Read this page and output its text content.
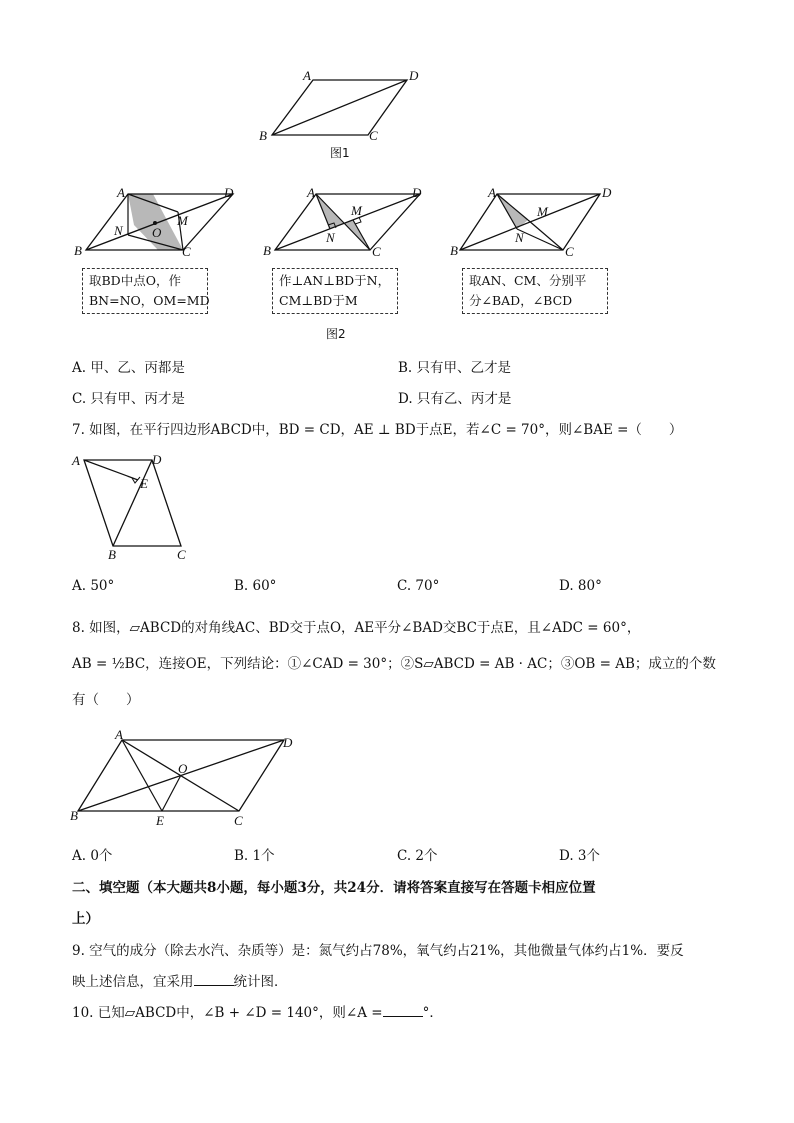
A	D
B	C
图1
A	D
B	C
N O
M
取BD中点O，作
BN=NO，OM=MD
A	D
B	C
N
M
作⊥AN⊥BD于N，
CM⊥BD于M
A	D
B	C
N
M
取AN、CM、分别平
分∠BAD，∠BCD
图2
A. 甲、乙、丙都是	B. 只有甲、乙才是
C. 只有甲、丙才是	D. 只有乙、丙才是
7. 如图，在平行四边形ABCD中，BD = CD，AE ⊥ BD于点E，若∠C = 70°，则∠BAE =（　　）
A	D
E
B	C
A. 50°	B. 60°	C. 70°	D. 80°
8. 如图，▱ABCD的对角线AC、BD交于点O，AE平分∠BAD交BC于点E，且∠ADC = 60°，
AB = ½BC，连接OE，下列结论：①∠CAD = 30°；②S▱ABCD = AB · AC；③OB = AB；成立的个数
有（　　）
A
D
O
B	E	C
A. 0个	B. 1个	C. 2个	D. 3个
二、填空题（本大题共8小题，每小题3分，共24分．请将答案直接写在答题卡相应位置
上）
9. 空气的成分（除去水汽、杂质等）是：氮气约占78%，氧气约占21%，其他微量气体约占1%．要反
映上述信息，宜采用	统计图．
10. 已知▱ABCD中，∠B + ∠D = 140°，则∠A =	°．
